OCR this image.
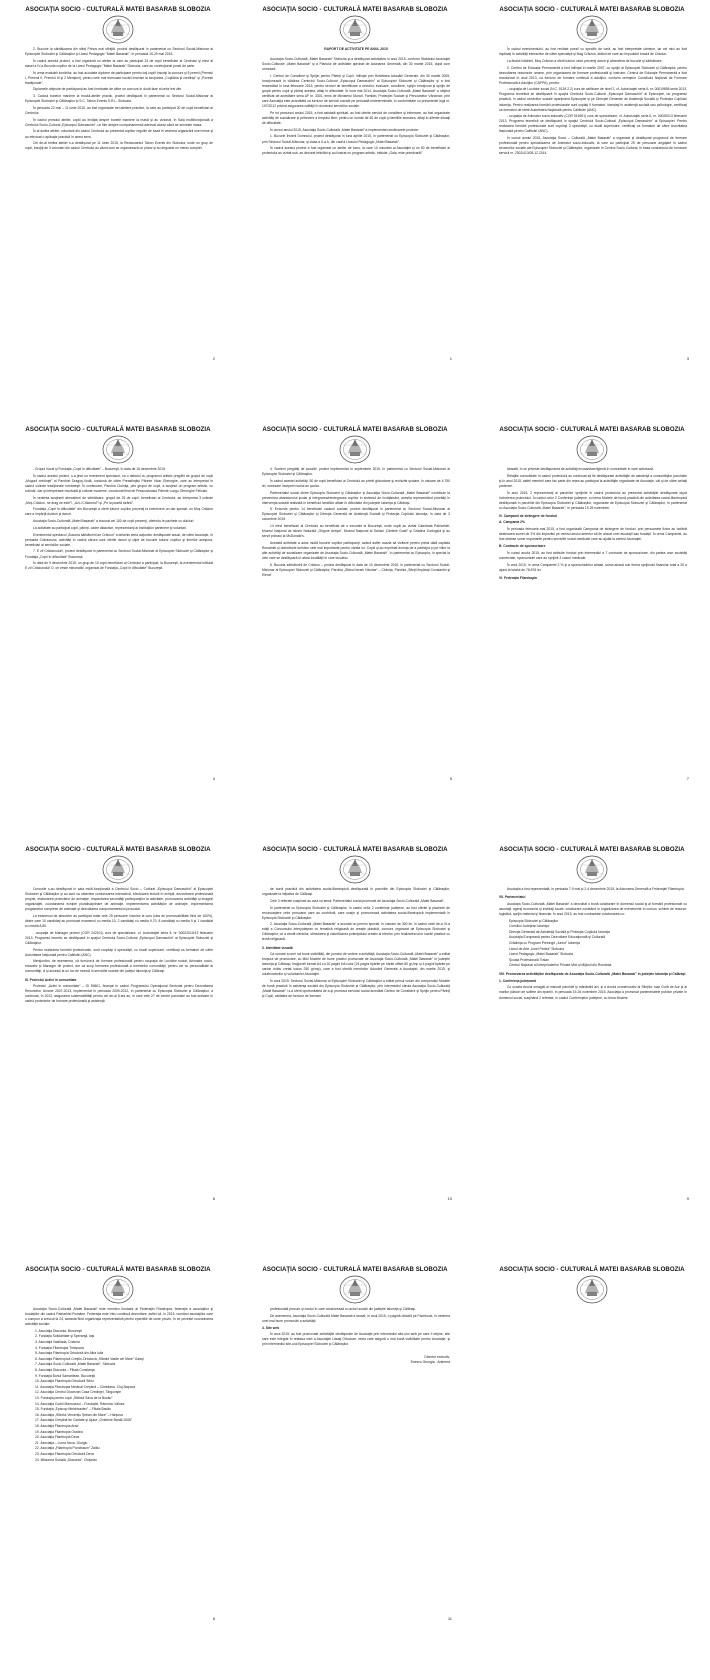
ASOCIAŢIA SOCIO - CULTURALĂ MATEI BASARAB SLOBOZIA

2. Bucurie la sărbătoarea din sfinţi Prinos mai sfinţită, proiect desfăşurat în parteneriat cu Sectorul Social-Misionar al Episcopiei Sloboziei şi Călăraşilor şi Liceul Pedagogic "Matei Basarab", în perioada 15-29 mai 2015.

În cadrul acestui proiect, a fost organizat un atelier la care au participat 24 de copii beneficiari ai Centrului şi elevi ai clasei a IV-a Bucuria copiilor de la Liceul Pedagogic "Matei Basarab" Slobozia, care au confecţionat ponei de carte.

În urma evaluării lucrărilor, au fost acordate diplome de participare pentru toţi copiii înscrişi la concurs şi 5 premii (Premiul I, Premiul II, Premiul III şi 2 Menţiuni), pentru cele mai frumoase lucrări înscrise la secţiunea „Copilăria şi credinţa” şi „Povești tradiţionale”.

Diplomele obţinute de participanţi au fost înmânate de către un concurs în două faze al celor trei zile.

3. Cadoul bunelor maniere la modul-atelier practic, proiect desfăşurat în parteneriat cu Sectorul Social-Misionar al Episcopiei Sloboziei şi Călăraşilor şi S.C. Tabon Events S.R.L. Slobozia.

În perioada 22 mai – 11 iunie 2015, au fost organizate trei ateliere practice, la care au participat 20 de copii beneficiari ai Centrului.

În cadrul primului atelier, copiii au învăţat despre bunele maniere la masă şi au vizionat, în Sala multifuncţională a Centrului Socio-Cultural „Episcopul Damaschin”, un film despre comportamentul adecvat atunci când se servește masa.

În al doilea atelier, voluntarii din cadrul Centrului au prezentat copiilor regulile de bază în vederea organizării unei mese şi au efectuat o aplicaţie practică în acest sens.

Cel de-al treilea atelier s-a desfăşurat pe 11 iunie 2015, la Restaurantul Tabon Events din Slobozia, unde un grup de copii, însoţiţi de 3 voluntari din cadrul Centrului au văzut cum se organizează un prânz şi au degustat un meniu complet.

2
ASOCIAŢIA SOCIO - CULTURALĂ MATEI BASARAB SLOBOZIA

RAPORT DE ACTIVITATE PE ANUL 2015

Asociaţia Socio-Culturală „Matei Basarab” Slobozia şi-a desfăşurat activitatea în anul 2015, conform Statutului Asociaţiei Socio-Culturale „Matei Basarab” şi a Planului de activitate aprobat de Adunarea Generală, din 30 martie 2015, după cum urmează:

I. Centrul de Consiliere şi Sprijin pentru Părinţi şi Copii, înfiinţat prin Hotărârea Adunării Generale, din 30 martie 2005, funcţionează în clădirea Centrului Socio-Cultural „Episcopul Damaschin” al Episcopiei Sloboziei şi Călăraşilor şi a fost reacreditat în luna februarie 2013, pentru servicii de identificare a nevoilor, evaluare, consiliere, sprijin emoţional şi sprijin de grupă pentru copii şi părinţi aceștia, aflaţi în dificultate. În luna mai 2014, Asociaţia Socio-Culturală „Matei Basarab” a obţinut certificat de acreditare seria AF nr. 3301, emis de Ministerul Muncii, Familiei, Protecţiei Sociale şi Persoanelor Vârstnice, prin care Asociaţia este acreditată ca furnizor de servicii sociale pe perioadă nedeterminată, în conformitate cu prevederile legii nr. 197/2012 privind asigurarea calităţii în domeniul serviciilor sociale.

Pe tot parcursul anului 2015, a fost asistată spiritual, au fost oferite servicii de consiliere şi informare, au fost organizate activităţi de socializare şi petrecere a timpului liber, pentru un număr de 50 de copii şi familiile acestora, aflaţi în diferite situaţii de dificultate.

În cursul anului 2015, Asociaţia Socio-Culturală „Matei Basarab” a implementat următoarele proiecte:

1. Bucurie Învierii Domnului, proiect desfăşurat în luna aprilie 2015, în parteneriat cu Episcopia Sloboziei şi Călăraşilor, prin Sectorul Social-Misionar, şi clasa a II-a A, din cadrul Liceului Pedagogic „Matei Basarab”.

În cadrul acestui proiect a fost organizat un atelier de lucru, la care 10 voluntari ai Asociaţiei şi un 50 de beneficiari ai proiectului au vizitat sub, au decorat felicitări şi au ilustrat un program artistic, intitulat „Gala, este primăvară!”

1
ASOCIAŢIA SOCIO - CULTURALĂ MATEI BASARAB SLOBOZIA

În cadrul evenimentului, au fost recitate poezii cu specific de vară, au fost interpretate cântece, iar cei mici au fost implicaţi în activităţi interactive de către specialişti şi Mag Crăciun, alături de care au împodobit bradul de Crăciun.

La finalul întâlnirii, Moş Crăciun a oferit tuturor celor prezenţi daruri şi atmosfera de bucurie şi sărbătoare.

II. Centrul de Educaţie Permanentă a fost înfiinţat în martie 2007, cu sprijin al Episcopiei Sloboziei şi Călăraşilor, pentru dezvoltarea resurselor umane, prin organizarea de formare profesională şi instruire. Centrul de Educaţie Permanentă a fost reautorizat în anul 2013, ca furnizor de formare continuă a adulţilor, conform cerinţelor Consiliului Naţional de Formare Profesională a Adulţilor (CNFPA), pentru:

- ocupaţia de Lucrător social (N.C. 5139.2.2) curs de calificare de nivel 2, cf. Autorizaţiei seria IL nr. 00019858 seria 2013. Programul teoretică se desfăşoară în spaţiul Centrului Socio-Cultural „Episcopul Damaschin” al Episcopiei, iar programul practică, în cadrul serviciilor sociale aparţinând Episcopiei şi pe Direcţiei Generale de Asistenţă Socială şi Protecţia Copilului Ialomiţa. Pentru realizarea formării profesionale sunt cuplaţi 9 formatori, licenţiaţi în asistenţă socială sau psihologie, certificaţi ca formatori de către Autoritatea Naţională pentru Calificări (ANC).

- ocupaţia de Animator socio-educativ (COR 516901) curs de specializare, cf. Autorizaţiei seria IL nr. 00020013 februarie 2013. Programa teoretică se desfăşoară în spaţiul Centrului Socio-Cultural „Episcopul Damaschin” al Episcopiei. Pentru realizarea formării profesionale sunt cuprinşi 3 specialişti, cu studii superioare, certificaţi ca formatori de către Autoritatea Naţională pentru Calificări (ANC).

În cursul anului 2015, Asociaţia Socio – Culturală „Matei Basarab” a organizat şi desfăşurat programul de formare profesională pentru specializarea de Animator socio-educativ, la care au participat 25 de persoane angajate în cadrul structurilor sociale ale Episcopiei Sloboziei şi Călăraşilor, organizate în Centrul Socio-Cultural, în baza contractului de furnizare servicii nr. 2302/413/05.12.2014.

3
ASOCIAŢIA SOCIO - CULTURALĂ MATEI BASARAB SLOBOZIA

- Grupul Vocal şi Fundaţia „Copii în dificultate” – Bucureşti, în data de 16 decembrie 2015.

În cadrul acestui proiect, s-a ţinut un eveniment spectacol, ca o debutul cu programul artistic pregătit de grupul de copii „Mugurii credinţei” al Parohiei Dragoş-Vodă, condusă de către Preasfinţitul Părinte Vicar Gheorghe, care au interpretat în cadrul colinde tradiţionale româneşti. În continuare, Parohia Ciulniţa, prin grupul de copii, a susţinut un program artistic, cu colinde, dar şi interpretare muzicală şi colinde moderne, coordonat fiind de Preacuvioasul Părinte Lungu Gheorghe Felician.

În vederea susţinerii atmosferei de sărbătoare, grupul de 25 de copii, beneficiari ai Centrului, au interpretat 3 colinde „Moş Crăciun, ne drag ne este”!, „Azi-i Crăciunul”! şi „Pe la poartă strănii”.

Fundaţia „Copii în dificultate” din Bucureşti a oferit tuturor copiilor prezenţi la eveniment un dar special: un Moş Crăciun care a împărţit dulciuri şi daruri.

Asociaţia Socio-Culturală „Matei Basarab” a bucurat cei 100 de copii prezenţi, oferindu-le pachete cu dulciuri.

La activitate au participat copii, părinţi, cadre didactice, reprezentanţi ai instituţiilor partenere şi voluntari.

Evenimentul spectacol „Bucuria sărbătoririi de Crăciun” a deschis seria acţiunilor desfăşurate anual, de către Asociaţie, în perioada Crăciunului, activităţi în cadrul cărora sunt oferite daruri şi clipe de bucurie tuturor copiilor şi tinerilor aceştora, beneficiari ai serviciilor sociale.

7. E ziI Crăciunului!!, proiect desfăşurat în parteneriat cu Sectorul Social-Misionar al Episcopiei Sloboziei şi Călăraşilor şi Fundaţia „Copii în dificultate” Bucureşti.

În data de 9 decembrie 2015, un grup de 10 copii beneficiari ai Centrului a participat, la Bucureşti, la evenimentul intitulat E ziI Crăciunului! O, ce veste minunată!, organizat de Fundaţia „Copii în dificultate” Bucureşti.

4
ASOCIAŢIA SOCIO - CULTURALĂ MATEI BASARAB SLOBOZIA

4. Suntem pregătiţi de şcoală!, proiect implementat în septembrie 2015, în parteneriat cu Sectorul Social-Misionar al Episcopiei Sloboziei şi Călăraşilor.

În cadrul acestei activităţi, 50 de copii beneficiari ai Centrului au primit ghiozdane şi rechizite şcolare, în valoare de 4.750 lei, necesare începerii noului an şcolar.

Parteneriatul social dintre Episcopia Sloboziei şi Călăraşilor şi Asociaţia Socio-Culturală „Matei Basarab” contribuie la prevenirea abandonului şcolar şi integrarea/reintegrarea copiilor în sistemul de învăţământ, aceștia reprezentând priorităţi în intervenţia socială realizată în beneficiul familiilor aflate în dificultate din judeţele Ialomiţa şi Călăraşi.

5. Excursie pentru 14 beneficiari cadouri sociale, proiect desfăşurat în parteneriat cu Sectorul Social-Misionar al Episcopiei Sloboziei şi Călăraşilor şi Direcţia Generală de Asistenţă Socială şi Protecţia Copilului Ialomiţa, în data de 3 octombrie 2015.

14 elevi beneficiari ai Centrului au beneficiat de o excursie la Bucureşti, unde copiii au vizitat Catedrala Patriarhiei, Muzeul Naţional de Istorie Naturală „Grigore Antipa”, Muzeul Naţional al Satului „Dimitrie Gusti” şi Grădina Zoologică şi au servit prânzul la McDonald’s.

Această activitate a adus multă bucurie copiilor participanţi, având astfel ocazia să viziteze pentru prima dată capitala României şi obiectivele turistice cele mai importante pentru vârsta lor. Copiii şi-au exprimat dorinţa de a participa şi pe viitor la alte activităţi de socializare organizate de Asociaţia Socio-Culturală „Matei Basarab”, în parteneriat cu Episcopia, în special la cele care se desfăşoară în afara localităţii în care locuiesc.

6. Bucuria sărbătoririi de Crăciun – proiect desfăşurat în data de 10 decembrie 2015, în parteneriat cu Sectorul Social-Misionar al Episcopiei Sloboziei şi Călăraşilor, Parohia „Sfânul Ierarh Nicolae” – Ciulniţa, Parohia „Sfinţii Împăraţi Constantin şi Elena”

5
ASOCIAŢIA SOCIO - CULTURALĂ MATEI BASARAB SLOBOZIA

lansată, în ce privește desfăşurarea de activităţi ecosanitare/igienă în comunitate în care activează.

Relaţiile consolidate în cadrul proiectului au continuat să fie desfăşurate activităţile de asistenţă a comunităţilor parohiale şi în anul 2015, astfel membrii care fac parte din rețea au participat la activităţile organizate de Asociaţie, cât şi de către ceilalţi parteneri.

În anul 2015, 2 reprezentanţi ai parohiilor sprijinite în cadrul proiectului au prezentat activităţile desfăşurate după încheierea proiectului. În cadrul celor 2 Conferinţe judeţene, cu tema Modele de bună practică din activitatea social-filantropică desfăşurată în parohiile din Episcopia Sloboziei şi Călăraşilor, organizate de Episcopia Sloboziei şi Călăraşilor, în parteneriat cu Asociaţia Socio-Culturală „Matei Basarab”, în perioada 19-25 noiembrie.

IV. Campanii de strângere de fonduri

A. Campania 2%

În perioada februarie-mai 2015, a fost organizată Campania de strângere de fonduri, prin persoanele fizice au hotărât destinarea sumei de 2% din impozitul pe venitul anului anterior să fie alocat unei asociaţii sau fundaţii. În urma Campaniei, au fost strânse sume importante pentru serviciile social-medicale care au ajutat la centrul Asociaţiei.

B. Contracte de sponsorizare

În cursul anului 2015, au fost atribuite fonduri prin intermediul a 7 contracte de sponsorizare, din partea unor societăţi comerciale, sponsorizări care au sprijinit 3 cazuri medicale.

În anul 2015, în urma Campaniei 2 % şi a sponsorizărilor atrase, suma atrasă sub forma sprijinului financiar total a 25 a ajuns la totalul de 78.876 lei.

VI. Federaţia Filantropia

7
ASOCIAŢIA SOCIO - CULTURALĂ MATEI BASARAB SLOBOZIA

Cursurile s-au desfăşurat în sala multi-funcţională a Centrului Socio – Cultural „Episcopul Damaschin” al Episcopiei Sloboziei şi Călăraşilor şi au avut ca obiective comunicarea interactivă, efectuarea lecturii în echipă, dezvoltarea profesională proprie, elaborarea proiectelor de animaţie, respectarea securităţii participanţilor la activitate, promovarea activităţii şi imaginii organizaţiei, coordonarea echipei pluridisciplinare de animaţie, implementarea activităţilor de animaţie, implementarea programelor complexe de animaţie şi dezvoltarea comportamentului prosocial.

La examenul de absolvire au participat toate cele 25 persoane înscrise la curs (rata de promovabilitate fiind de 100%), dintre care 10 candidaţi au promovat examenul cu media 10, 2 candidaţi cu media 9,70, 8 candidaţi cu media 9 şi 1 candidat cu media 8,80.

- ocupaţia de Manager proiect (COR 242101) curs de specializare, cf. Autorizaţiei seria IL nr. 00022010/13 februarie 2013. Programul teoretic se desfăşoară în spaţiul Centrului Socio-Cultural „Episcopul Damaschin” al Episcopiei Sloboziei şi Călăraşilor.

Pentru realizarea formării profesionale, sunt cooptaţi 4 specialişti, cu studii superioare, certificaţi ca formatori de către Autoritatea Naţională pentru Calificări (ANC).

Menţionăm, de asemenea, că furnizorul de formare profesională pentru ocupaţia de Lucrător social, Animator socio-educativ şi Manager de proiect, are ca scop formarea profesională a membrilor comunităţii, pentru cei cu personalitate al comunităţii, ci şi accesul la un loc de muncă în serviciile sociale din judeţul Ialomiţa şi Călăraşi.

III. Proiectul Activi în comunitate

Proiectul „Activi în comunitate” – ID 59601, finanţat în cadrul Programului Operaţional Sectorial pentru Dezvoltarea Resurselor Umane 2007-2013, implementat în perioada 2009-2012, în parteneriat cu Episcopia Sloboziei şi Călăraşilor, a continuat, în 2013, asigurarea sustenabilităţii pentru cei de-al 5-lea an, în care cele 27 de centre parohiale au fost activate în cadrul proiectelor de formare profesională şi asistenţă

8
ASOCIAŢIA SOCIO - CULTURALĂ MATEI BASARAB SLOBOZIA

de bună practică din activitatea social-filantropică desfăşurată în parohiile din Episcopia Sloboziei şi Călăraşilor, organizate la iniţiativa de Călăraşi.

Cele 3 referate susţinute au avut ca temă: Parteneriatul social promovat de Asociaţia Socio-Culturală „Matei Basarab”.

În parteneriat cu Episcopia Sloboziei şi Călăraşilor, în cadrul celor 2 conferinţe judeţene, au fost oferite şi plachete de recunoaştere celor persoane care au contribuit, care susţin şi promovează activitatea social-filantropică implementată în Episcopia Sloboziei şi Călăraşilor.

2. Asociaţia Socio-Culturală „Matei Basarab” a acordat un premiu special, în valoare de 300 lei, în cadrul celei de-a VI-a ediţii a Concursului interjudeţean cu tematică religioasă de creaţie plastică, concurs organizat de Episcopia Sloboziei şi Călăraşilor, ce a cinstit clericilor, stimularea şi valorificarea potenţialului creativ al elevilor, prin realizarea unor lucrări plastice cu temă religioasă.

3. Identitate vizuală

Ca urmare a unei noi bune vizibilităţi, din punctul de vedere a activităţii, Asociaţia Socio-Culturală „Matei Basarab” a editat broşura de promovare, cu titlul Modele de bune practici promovate de Asociaţia Socio-Culturală „Matei Basarab” în judeţele Ialomiţa şi Călăraşi, tiraj/profil format A4 cu 20 pagini full color (24 pagini tipărite pe hârtie offset 80 gr./mp şi 4 pagini tipărite pe carton dublu cretat lucios 250 gr/mp), care a fost oferită membrilor Adunării Generale a Asociaţiei, din martie 2015, şi colaboratorilor şi voluntarilor Asociaţiei.

În anul 2015, Sectorul Social-Misionar al Episcopiei Sloboziei şi Călăraşilor a editat primul volum din compendiul Modele de bună practică în asistenţa socială din Episcopia Sloboziei şi Călăraşilor, prin intermediul căruia Asociaţia Socio-Culturală „Matei Basarab” i s-a oferit oportunitatea de a-şi promova serviciul social acreditat Centrul de Consiliere şi Sprijin pentru Părinţi şi Copii, calitatea de furnizor de formare

10
ASOCIAŢIA SOCIO - CULTURALĂ MATEI BASARAB SLOBOZIA

Asociaţia a fost reprezentată, în perioada 7-9 mai şi 2-4 decembrie 2015, la Adunarea Generală a Federaţiei Filantropia.

VII. Parteneriatul

Asociaţia Socio-Culturală „Matei Basarab” a dezvoltat o bună colaborare în domeniul social şi al formării profesionale cu asociaţii, agenţi economici şi instituţii locale, colaborare constând în organizarea de evenimente în comun, schimb de resurse: logistică, sprijin material şi financiar. În anul 2015, au fost contractate colaborarea cu:

Episcopia Sloboziei şi Călăraşilor
Consiliul Judeţean Ialomiţa
Direcţia Generală de Asistenţă Socială şi Protecţia Copilului Ialomiţa
Asociaţia Europeană pentru Dezvoltare Educaţională şi Culturală
Grădiniţa cu Program Prelungit „Junior” Ialomiţa
Liceul de Arte „Ionel Perlea” Slobozia
Liceul Pedagogic „Matei Basarab” Slobozia
Şcoala Profesională Traian
Centrul Naţional al Intreprinderilor Private Mici şi Mijlocii din România.

VIII. Promovarea activităţilor desfăşurate de Asociaţia Socio-Culturală „Matei Basarab” în judeţele Ialomiţa şi Călăraşi

1. Conferinţa judeţeană

Cu ocazia Anului omagial al misiunii parohiei şi mănăstirii azi, şi a Anului comemorativ al Sfinţilor Ioan Gură de Aur şi al marilor păstori de suflete din eparhii, în perioada 19-26 noiembrie 2015, Asociaţia a promovat parteneriatele publice private în domeniul social, susţinând 2 referate, în cadrul Conferinţelor judeţene, cu tema Modele

9
ASOCIAŢIA SOCIO - CULTURALĂ MATEI BASARAB SLOBOZIA

Asociaţia Socio-Culturală „Matei Basarab” este membru fondator al Federaţiei Filantropia, federaţie a asociaţiilor şi fundaţiilor din cadrul Patriarhiei Române. Federaţia este întru continuă dezvoltare, astfel că, în 2015, numărul asociaţiilor care o compun a crescut la 24, aceasta fiind organizaţia reprezentativă pentru eparhiile de unde provin, în ce privește coordonarea activităţii sociale:

1. Asociaţia Diaconia, Bucureşti
2. Fundaţia Solidaritate şi Speranţă, Iaşi
3. Asociaţia Vasiliada, Craiova
4. Fundaţia Filantropia Timişoara
5. Asociaţia Filantropia Ortodoxă din Alba Iulia
6. Asociaţia Filantropică Creştin-Ortodoxă „Sfântul Vasile cel Mare” Galaţi
7. Asociaţia Socio-Culturală „Matei Basarab”, Slobozia
8. Asociaţia Diaconia – Filiala Constanţa
9. Fundaţia Bunul Samaritean, Bucureşti
10. Asociaţia Filantropia Ortodoxă Sibiu
11. Asociaţia Filantropia Medical Creştină – Christiana, Cluj-Napoca
12. Asociaţia Centrul Diocezan Casa Credinţei, Târgovişte
13. Fundaţia pentru copii „Sfântul Sava de la Buzău”
14. Asociaţia Codrii Mamucului – Fundaţiei, Râmnicu Vâlcea
15. Fundaţia „Episcop Melchisedec” – Filiala Bacău
16. Asociaţia „Sfântul Vincenţiu Şeban din Mare” – Hârşova
17. Asociaţia Creştină de Caritate şi Ajutor „Ovidenie Bardă 2006”
18. Asociaţia Filantropia Arad
19. Asociaţia Filantropia Oradea
20. Asociaţia Filantropia Deva
21. Asociaţia – Lucra Nova, Giurgiu
22. Asociaţia „Filantropia Porolissum” Zalău
23. Asociaţia Filantropia Ortodoxă Deva
24. Misiunea Socială „Diaconia”, Chişinău
6
ASOCIAŢIA SOCIO - CULTURALĂ MATEI BASARAB SLOBOZIA

profesională precum şi modul în care colaborează cu actori sociali din judeţele Ialomiţa şi Călăraşi.

De asemenea, Asociaţia Socio-Culturală Matei Basarab a lansat, în anul 2015, o pagină oficială pe Facebook, în vederea unei mai bune promovări a activităţii.

4. Site web

În anul 2015, au fost promovate activităţile desfăşurate de Asociaţie prin intermediul site-ului web pe care îl deţine, site care este integrat în rețeaua web a Asociaţiei Lăsaţi Ortodoxe, rețea care asigură o mai bună vizibilitate pentru Asociaţie, şi prin intermediul site-ului Episcopiei Sloboziei şi Călăraşilor.

Director executiv,
Enescu Georgia - Andreea
11
ASOCIAŢIA SOCIO - CULTURALĂ MATEI BASARAB SLOBOZIA
